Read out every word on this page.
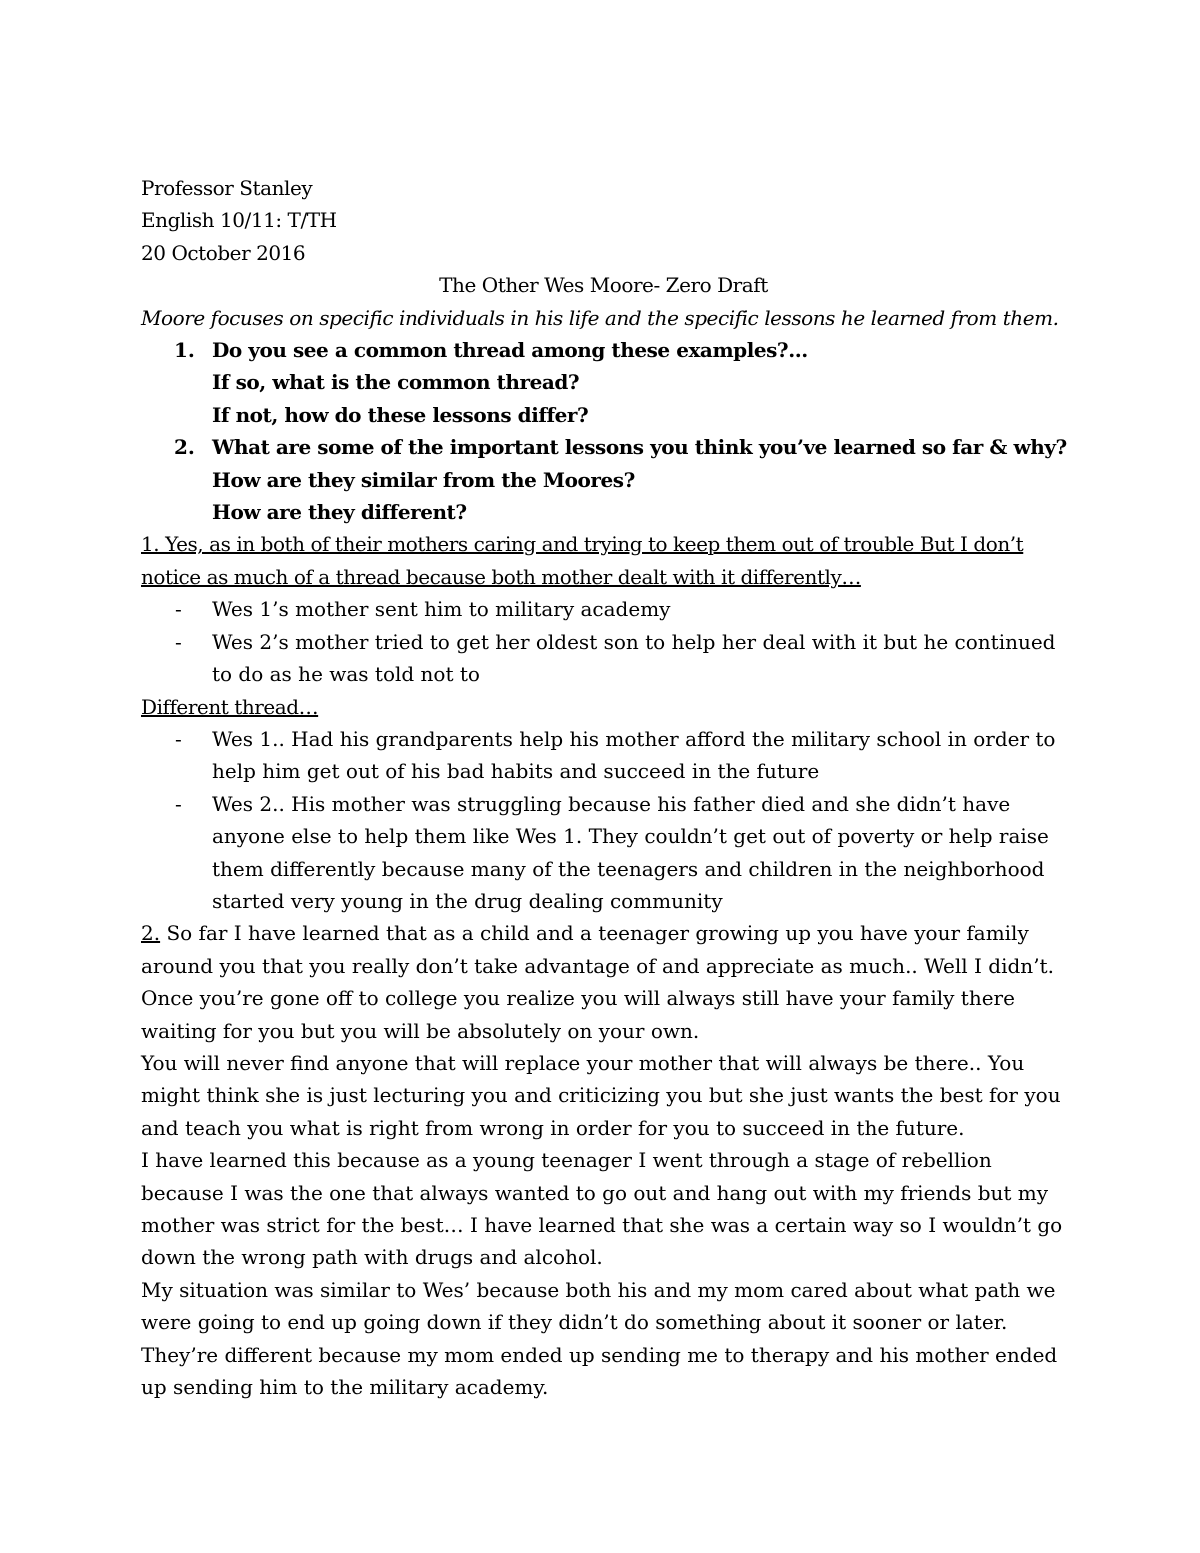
Professor Stanley
English 10/11: T/TH
20 October 2016
The Other Wes Moore- Zero Draft
Moore focuses on specific individuals in his life and the specific lessons he learned from them.
1. Do you see a common thread among these examples?...
If so, what is the common thread?
If not, how do these lessons differ?
2. What are some of the important lessons you think you’ve learned so far & why?
How are they similar from the Moores?
How are they different?
1. Yes, as in both of their mothers caring and trying to keep them out of trouble But I don’t
notice as much of a thread because both mother dealt with it differently…
- Wes 1’s mother sent him to military academy
- Wes 2’s mother tried to get her oldest son to help her deal with it but he continued to do as he was told not to
Different thread…
- Wes 1.. Had his grandparents help his mother afford the military school in order to help him get out of his bad habits and succeed in the future
- Wes 2.. His mother was struggling because his father died and she didn’t have anyone else to help them like Wes 1. They couldn’t get out of poverty or help raise them differently because many of the teenagers and children in the neighborhood started very young in the drug dealing community
2. So far I have learned that as a child and a teenager growing up you have your family around you that you really don’t take advantage of and appreciate as much.. Well I didn’t. Once you’re gone off to college you realize you will always still have your family there waiting for you but you will be absolutely on your own.
You will never find anyone that will replace your mother that will always be there.. You might think she is just lecturing you and criticizing you but she just wants the best for you and teach you what is right from wrong in order for you to succeed in the future.
I have learned this because as a young teenager I went through a stage of rebellion because I was the one that always wanted to go out and hang out with my friends but my mother was strict for the best… I have learned that she was a certain way so I wouldn’t go down the wrong path with drugs and alcohol.
My situation was similar to Wes’ because both his and my mom cared about what path we were going to end up going down if they didn’t do something about it sooner or later. They’re different because my mom ended up sending me to therapy and his mother ended up sending him to the military academy.
